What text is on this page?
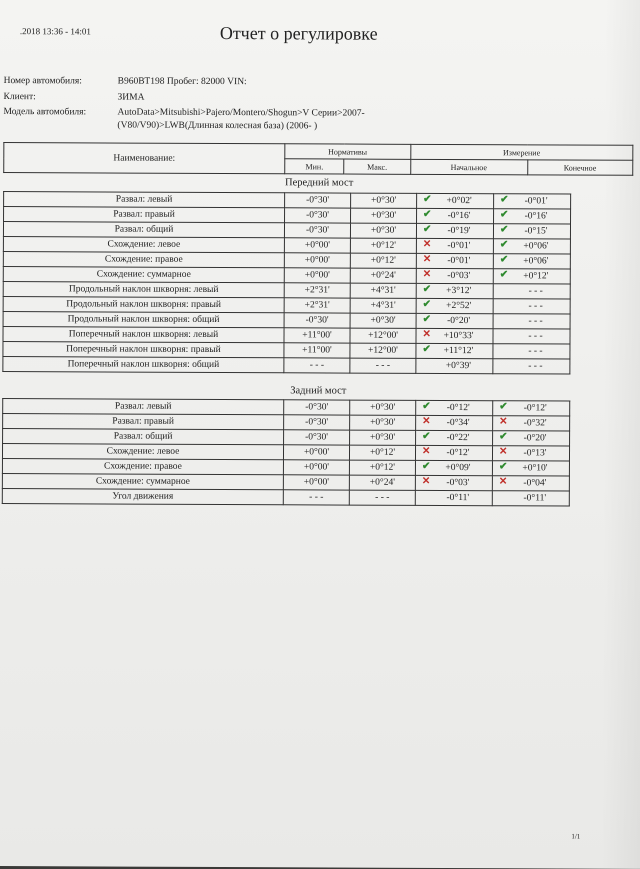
.2018 13:36 - 14:01	Отчет о регулировке
Номер автомобиля:	В960ВТ198 Пробег: 82000 VIN:
Клиент:	ЗИМА
Модель автомобиля:	AutoData>Mitsubishi>Pajero/Montero/Shogun>V Серии>2007-
(V80/V90)>LWB(Длинная колесная база) (2006- )
Наименование:	Нормативы		Измерение	
	Мин.	Макс.	Начальное	Конечное
Передний мост
Развал: левый	-0°30'	+0°30'	✔ +0°02'	✔ -0°01'

Развал: правый	-0°30'	+0°30'	✔ -0°16'	✔ -0°16'

Развал: общий	-0°30'	+0°30'	✔ -0°19'	✔ -0°15'

Схождение: левое	+0°00'	+0°12'	✕ -0°01'	✔ +0°06'

Схождение: правое	+0°00'	+0°12'	✕ -0°01'	✔ +0°06'

Схождение: суммарное	+0°00'	+0°24'	✕ -0°03'	✔ +0°12'

Продольный наклон шкворня: левый	+2°31'	+4°31'	✔ +3°12'	- - -

Продольный наклон шкворня: правый	+2°31'	+4°31'	✔ +2°52'	- - -

Продольный наклон шкворня: общий	-0°30'	+0°30'	✔ -0°20'	- - -

Поперечный наклон шкворня: левый	+11°00'	+12°00'	✕ +10°33'	- - -

Поперечный наклон шкворня: правый	+11°00'	+12°00'	✔ +11°12'	- - -

Поперечный наклон шкворня: общий	- - -	- - -	+0°39'	- - -
Задний мост
Развал: левый	-0°30'	+0°30'	✔ -0°12'	✔ -0°12'

Развал: правый	-0°30'	+0°30'	✕ -0°34'	✕ -0°32'

Развал: общий	-0°30'	+0°30'	✔ -0°22'	✔ -0°20'

Схождение: левое	+0°00'	+0°12'	✕ -0°12'	✕ -0°13'

Схождение: правое	+0°00'	+0°12'	✔ +0°09'	✔ +0°10'

Схождение: суммарное	+0°00'	+0°24'	✕ -0°03'	✕ -0°04'

Угол движения	- - -	- - -	-0°11'	-0°11'
1/1
